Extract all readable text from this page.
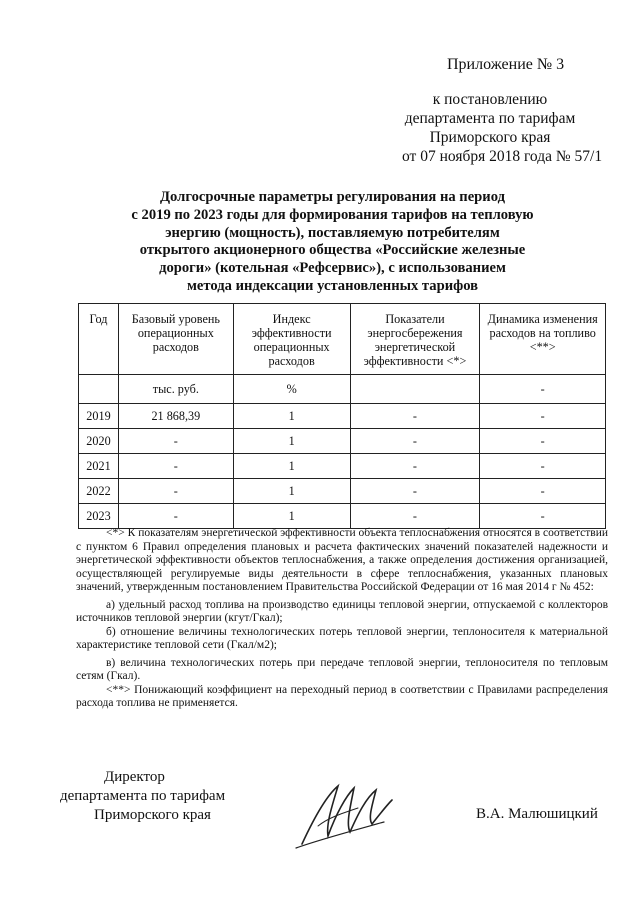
Приложение № 3
к постановлению
департамента по тарифам
Приморского края
от 07 ноября 2018 года № 57/1
Долгосрочные параметры регулирования на период
с 2019 по 2023 годы для формирования тарифов на тепловую
энергию (мощность), поставляемую потребителям
открытого акционерного общества «Российские железные
дороги» (котельная «Рефсервис»), с использованием
метода индексации установленных тарифов
Год	Базовый уровень операционных расходов	Индекс эффективности операционных расходов	Показатели энергосбережения энергетической эффективности <*>	Динамика изменения расходов на топливо <**>
	тыс. руб.	%		-
2019	21 868,39	1	-	-
2020	-	1	-	-
2021	-	1	-	-
2022	-	1	-	-
2023	-	1	-	-

<*> К показателям энергетической эффективности объекта теплоснабжения относятся в соответствии с пунктом 6 Правил определения плановых и расчета фактических значений показателей надежности и энергетической эффективности объектов теплоснабжения, а также определения достижения организацией, осуществляющей регулируемые виды деятельности в сфере теплоснабжения, указанных плановых значений, утвержденным постановлением Правительства Российской Федерации от 16 мая 2014 г № 452:

а) удельный расход топлива на производство единицы тепловой энергии, отпускаемой с коллекторов источников тепловой энергии (кгут/Гкал);

б) отношение величины технологических потерь тепловой энергии, теплоносителя к материальной характеристике тепловой сети (Гкал/м2);

в) величина технологических потерь при передаче тепловой энергии, теплоносителя по тепловым сетям (Гкал).

<**> Понижающий коэффициент на переходный период в соответствии с Правилами распределения расхода топлива не применяется.

Директор
департамента по тарифам
Приморского края	В.А. Малюшицкий
